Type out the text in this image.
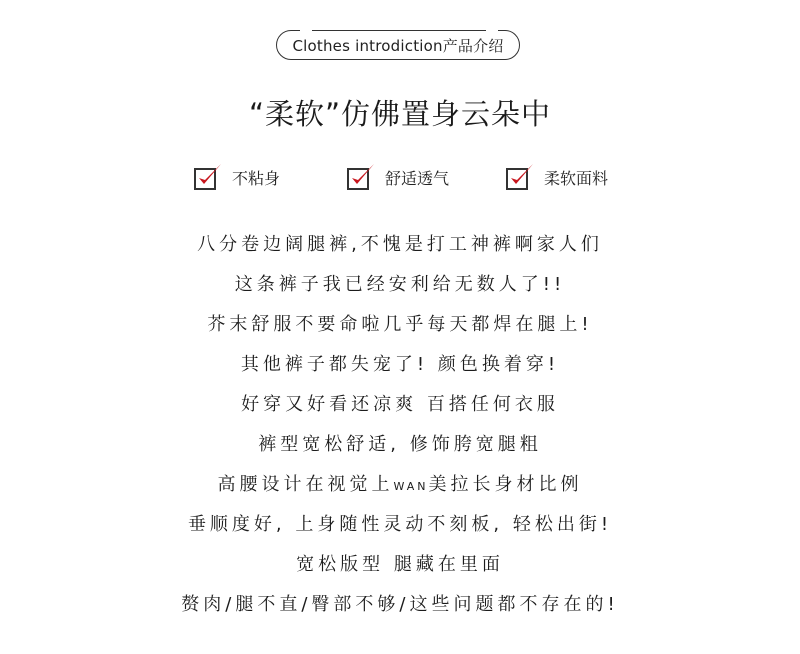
Clothes introdiction产品介绍
“柔软”仿佛置身云朵中
不粘身	舒适透气	柔软面料
八分卷边阔腿裤,不愧是打工神裤啊家人们
这条裤子我已经安利给无数人了!!
芥末舒服不要命啦几乎每天都焊在腿上!
其他裤子都失宠了! 颜色换着穿!
好穿又好看还凉爽 百搭任何衣服
裤型宽松舒适, 修饰胯宽腿粗
高腰设计在视觉上WAN美拉长身材比例
垂顺度好, 上身随性灵动不刻板, 轻松出街!
宽松版型 腿藏在里面
赘肉/腿不直/臀部不够/这些问题都不存在的!
